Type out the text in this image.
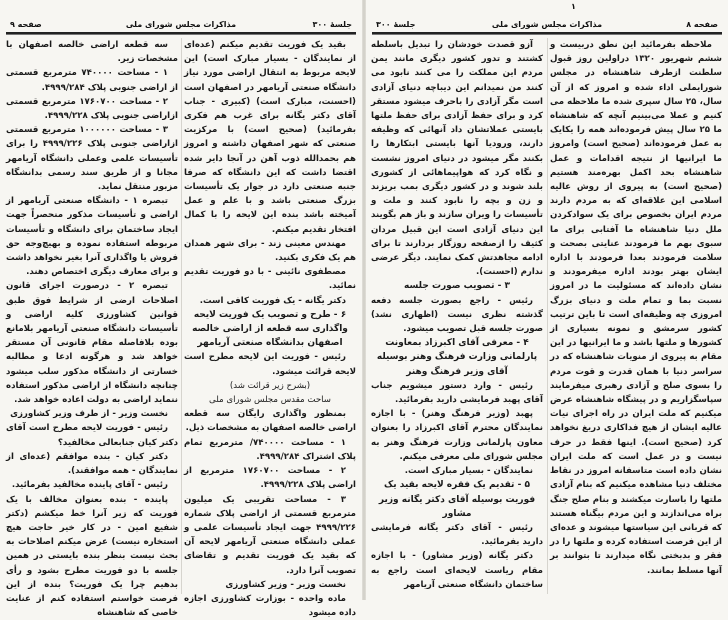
جلسهٔ ۳۰۰
مذاکرات مجلس شورای ملی
صفحه ۹

بقید یک فوریت تقدیم میکنم (عده‌ای از نمایندگان - بسیار مبارک است) این لایحه مربوط به انتقال اراضی مورد نیاز دانشگاه صنعتی آریامهر در اصفهان است (احسنت، مبارک است) (کبیری - جناب آقای دکتر یگانه برای غرب هم فکری بفرمائید) (صحیح است) با مرکزیت صنعتی که شهر اصفهان داشته و امروز هم بحمدالله ذوب آهن در آنجا دایر شده اقتضا داشت که این دانشگاه که صرفا جنبه صنعتی دارد در جوار یک تأسیسات بزرگ صنعتی باشد و با علم و عمل آمیخته باشد بنده این لایحه را با کمال افتخار تقدیم میکنم.

مهندس معینی زند - برای شهر همدان هم یک فکری بکنید.

مصطفوی نائینی - با دو فوریت تقدیم نمائید.

دکتر یگانه - یک فوریت کافی است.

۶ - طرح و تصویب یک فوریت لایحه واگذاری سه قطعه از اراضی خالصه اصفهان بدانشگاه صنعتی آریامهر

رئیس - فوریت این لایحه مطرح است لایحه قرائت میشود.

(بشرح زیر قرائت شد)

ساحت مقدس مجلس شورای ملی

بمنظور واگذاری رایگان سه قطعه اراضی خالصه اصفهان به مشخصات ذیل.

۱ - مساحت ۷۴۰۰۰۰/ مترمربع تمام پلاک اشتراک ۴۹۹۹/۲۸۴.

۲ - مساحت ۱۷۶۰۷۰۰ مترمربع از اراضی پلاک ۴۹۹۹/۲۲۸.

۳ - مساحت تقریبی یک میلیون مترمربع قسمتی از اراضی پلاک شماره ۴۹۹۹/۲۲۶ جهت ایجاد تأسیسات علمی و عملی دانشگاه صنعتی آریامهر لایحه آن که بقید یک فوریت تقدیم و تقاضای تصویب آنرا دارد.

نخست وزیر - وزیر کشاورزی

ماده واحده - بوزارت کشاورزی اجازه داده میشود

سه قطعه اراضی خالصه اصفهان با مشخصات زیر.

۱ - مساحت ۷۴۰۰۰۰ مترمربع قسمتی از اراضی جنوبی پلاک ۴۹۹۹/۲۸۴.

۲ - مساحت ۱۷۶۰۷۰۰ مترمربع قسمتی ازاراضی جنوبی پلاک ۴۹۹۹/۲۲۸.

۳ - مساحت ۱۰۰۰۰۰۰ مترمربع قسمتی ازاراضی جنوبی پلاک ۴۹۹۹/۲۲۶ را برای تأسیسات علمی وعملی دانشگاه آریامهر مجانا و از طریق سند رسمی بدانشگاه مزبور منتقل نماید.

تبصره ۱ - دانشگاه صنعتی آریامهر از اراضی و تأسیسات مذکور منحصراً جهت ایجاد ساختمان برای دانشگاه و تأسیسات مربوطه استفاده نموده و بهیچ‌وجه حق فروش یا واگذاری آنرا بغیر نخواهد داشت و برای معارف دیگری اختصاص دهند.

تبصره ۲ - درصورت اجرای قانون اصلاحات ارضی از شرایط فوق طبق قوانین کشاورزی کلیه اراضی و تأسیسات دانشگاه صنعتی آریامهر بلامانع بوده بلافاصله مقام قانونی آن مستقر خواهد شد و هرگونه ادعا و مطالبه خسارتی از دانشگاه مذکور سلب میشود چنانچه دانشگاه از اراضی مذکور استفاده ننماید اراضی به دولت اعاده خواهد شد.

نخست وزیر - از طرف وزیر کشاورزی

رئیس - فوریت لایحه مطرح است آقای دکتر کیان جنابعالی مخالفید؟

دکتر کیان - بنده موافقم (عده‌ای از نمایندگان - همه موافقند).

رئیس - آقای پاینده مخالفید بفرمائید.

پاینده - بنده بعنوان مخالف با یک فوریت که زیر آنرا خط میکشم (دکتر شفیع امین - در کار خیر حاجت هیچ استخاره نیست) عرض میکنم اصلاحات به بحث نیست بنظر بنده بایستی در همین جلسه با دو فوریت مطرح بشود و رأی بدهیم چرا یک فوریت؟ بنده از این فرصت خواستم استفاده کنم از عنایت خاصی که شاهنشاه

۱
صفحه ۸
مذاکرات مجلس شورای ملی
جلسهٔ ۳۰۰

ملاحظه بفرمائید این نطق دربیست و ششم شهریور ۱۳۲۰ دراولین روز قبول سلطنت ازطرف شاهنشاه در مجلس شورایملی اداء شده و امروز که از آن سال، ۲۵ سال سپری شده ما ملاحظه می کنیم و عملا می‌بینیم آنچه که شاهنشاه ما ۲۵ سال پیش فرموده‌اند همه را یکایک به عمل فرموده‌اند (صحیح است) وامروز ما ایرانیها از نتیجه اقدامات و عمل شاهنشاه بحد اکمل بهره‌مند هستیم (صحیح است) به پیروی از روش عالیه اسلامی این علاقه‌ای که به مردم دارند مردم ایران بخصوص برای یک سوادکردن ملل دنیا شاهنشاه ما آفتابی برای ما سبوی بهم ما فرمودند عنایتی بصحت و سلامت فرمودند بعدا فرمودند با اداره ایشان بهتر بودند اداره میفرمودند و نشان داده‌اند که مسئولیت ما در امروز نسبت بما و تمام ملت و دنیای بزرگ امروزی چه وظیفه‌ای است تا باین ترتیب کشور سرمشق و نمونه بسیاری از کشورها و ملتها باشد و ما ایرانیها در این مقام به پیروی از منویات شاهنشاه که در سراسر دنیا با همان قدرت و قوت مردم را بسوی صلح و آزادی رهبری میفرمایند سپاسگزاریم و در پیشگاه شاهنشاه عرض میکنیم که ملت ایران در راه اجرای نیات عالیه ایشان از هیچ فداکاری دریغ نخواهد کرد (صحیح است). اینها فقط در حرف نیست و در عمل است که ملت ایران نشان داده است متاسفانه امروز در نقاط مختلف دنیا مشاهده میکنیم که بنام آزادی ملتها را باسارت میکشند و بنام صلح جنگ براه می‌اندازند و این مردم بیگناه هستند که قربانی این سیاستها میشوند و عده‌ای از این فرصت استفاده کرده و ملتها را در فقر و بدبختی نگاه میدارند تا بتوانند بر آنها مسلط بمانند.

آزو قصدت خودشان را تبدیل باسلطه کشتند و تدور کشور دیگری مانند یمن مردم این مملکت را می کنند نابود می کنند من نمیدانم این دیباچه دنیای آزادی است مگر آزادی را باحرف میشود مستقر کرد و برای حفظ آزادی برای حفظ ملتها بایستی عملاتشان داد آنهائی که وظیفه دارند، ورودیا آنها بایستی ابتکارها را بکنند مگر میشود در دنیای امروز نشست و نگاه کرد که هواپیماهائی از کشوری بلند شوند و در کشور دیگری بمب بریزند و زن و بچه را نابود کنند و ملت و تأسیسات را ویران سازند و باز هم بگویند این دنیای آزادی است این قبیل مردان کثیف را ازصفحه روزگار بردارند تا برای ادامه مجاهدتش کمک نمایند. دیگر عرضی ندارم (احسنت).

۳ - تصویب صورت جلسه

رئیس - راجع بصورت جلسه دفعه گذشته نظری نیست (اظهاری نشد) صورت جلسه قبل تصویب میشود.

۴ - معرفی آقای اکبرزاد بمعاونت پارلمانی وزارت فرهنگ وهنر بوسیله آقای وزیر فرهنگ وهنر

رئیس - وارد دستور میشویم جناب آقای پهبد فرمایشی دارید بفرمائید.

پهبد (وزیر فرهنگ وهنر) - با اجازه نمایندگان محترم آقای اکبرزاد را بعنوان معاون پارلمانی وزارت فرهنگ وهنر به مجلس شورای ملی معرفی میکنم.

نمایندگان - بسیار مبارک است.

۵ - تقدیم یک فقره لایحه بقید یک فوریت بوسیله آقای دکتر یگانه وزیر مشاور

رئیس - آقای دکتر یگانه فرمایشی دارید بفرمائید.

دکتر یگانه (وزیر مشاور) - با اجازه مقام ریاست لایحه‌ای است راجع به ساختمان دانشگاه صنعتی آریامهر
